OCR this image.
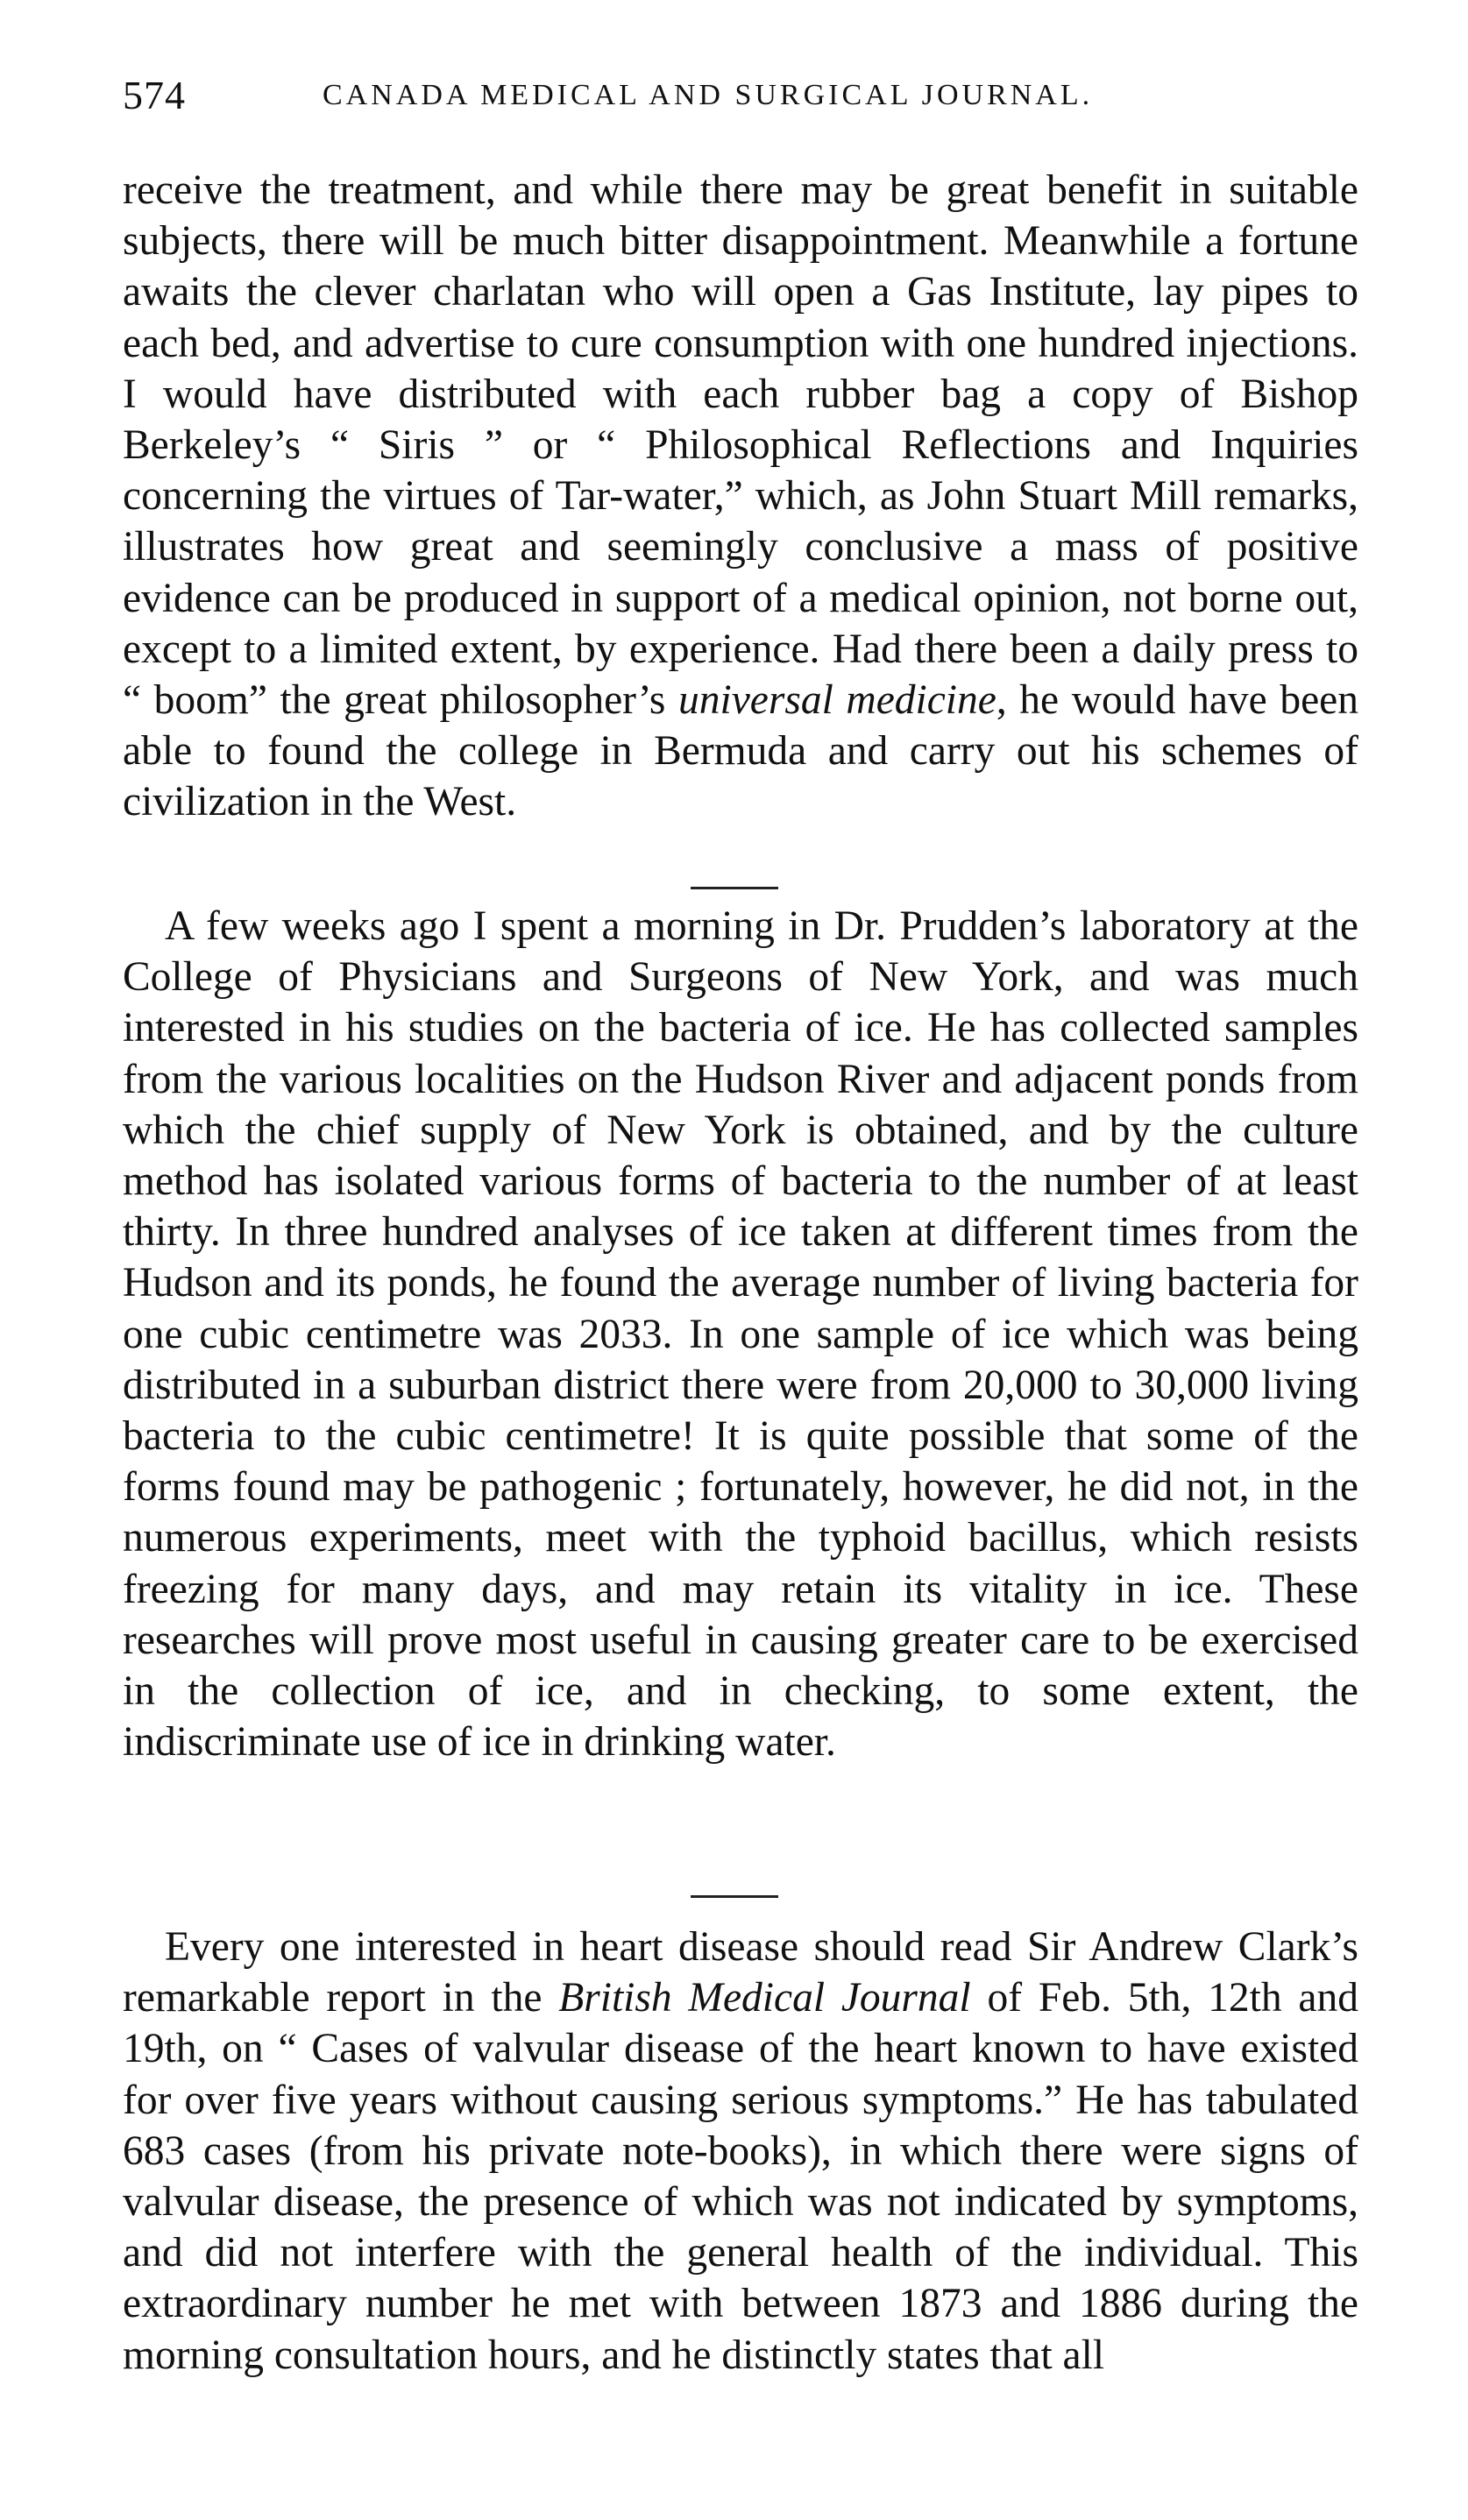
574	CANADA MEDICAL AND SURGICAL JOURNAL.

receive the treatment, and while there may be great benefit in suitable subjects, there will be much bitter disappointment. Meanwhile a fortune awaits the clever charlatan who will open a Gas Institute, lay pipes to each bed, and advertise to cure consumption with one hundred injections. I would have distributed with each rubber bag a copy of Bishop Berkeley’s “ Siris ” or “ Philosophical Reflections and Inquiries concerning the virtues of Tar-water,” which, as John Stuart Mill remarks, illustrates how great and seemingly conclusive a mass of positive evidence can be produced in support of a medical opinion, not borne out, except to a limited extent, by experience. Had there been a daily press to “ boom” the great philosopher’s universal medicine, he would have been able to found the college in Bermuda and carry out his schemes of civilization in the West.

A few weeks ago I spent a morning in Dr. Prudden’s laboratory at the College of Physicians and Surgeons of New York, and was much interested in his studies on the bacteria of ice. He has collected samples from the various localities on the Hudson River and adjacent ponds from which the chief supply of New York is obtained, and by the culture method has isolated various forms of bacteria to the number of at least thirty. In three hundred analyses of ice taken at different times from the Hudson and its ponds, he found the average number of living bacteria for one cubic centimetre was 2033. In one sample of ice which was being distributed in a suburban district there were from 20,000 to 30,000 living bacteria to the cubic centimetre! It is quite possible that some of the forms found may be pathogenic ; fortunately, however, he did not, in the numerous experiments, meet with the typhoid bacillus, which resists freezing for many days, and may retain its vitality in ice. These researches will prove most useful in causing greater care to be exercised in the collection of ice, and in checking, to some extent, the indiscriminate use of ice in drinking water.

Every one interested in heart disease should read Sir Andrew Clark’s remarkable report in the British Medical Journal of Feb. 5th, 12th and 19th, on “ Cases of valvular disease of the heart known to have existed for over five years without causing serious symptoms.” He has tabulated 683 cases (from his private note-books), in which there were signs of valvular disease, the presence of which was not indicated by symptoms, and did not interfere with the general health of the individual. This extraordinary number he met with between 1873 and 1886 during the morning consultation hours, and he distinctly states that all
